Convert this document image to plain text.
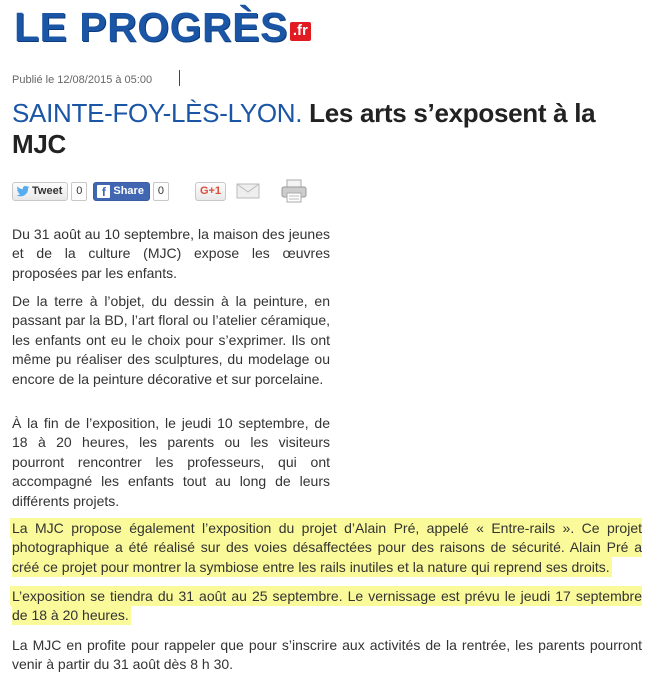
LE PROGRÈS .fr
Publié le 12/08/2015 à 05:00
SAINTE-FOY-LÈS-LYON. Les arts s’exposent à la MJC
Tweet	0	f Share	0	G+1

Du 31 août au 10 septembre, la maison des jeunes et de la culture (MJC) expose les œuvres proposées par les enfants.

De la terre à l’objet, du dessin à la peinture, en passant par la BD, l’art floral ou l’atelier céramique, les enfants ont eu le choix pour s’exprimer. Ils ont même pu réaliser des sculptures, du modelage ou encore de la peinture décorative et sur porcelaine.

À la fin de l’exposition, le jeudi 10 septembre, de 18 à 20 heures, les parents ou les visiteurs pourront rencontrer les professeurs, qui ont accompagné les enfants tout au long de leurs différents projets.

La MJC propose également l’exposition du projet d’Alain Pré, appelé « Entre-rails ». Ce projet photographique a été réalisé sur des voies désaffectées pour des raisons de sécurité. Alain Pré a créé ce projet pour montrer la symbiose entre les rails inutiles et la nature qui reprend ses droits.

L’exposition se tiendra du 31 août au 25 septembre. Le vernissage est prévu le jeudi 17 septembre de 18 à 20 heures.

La MJC en profite pour rappeler que pour s’inscrire aux activités de la rentrée, les parents pourront venir à partir du 31 août dès 8 h 30.
